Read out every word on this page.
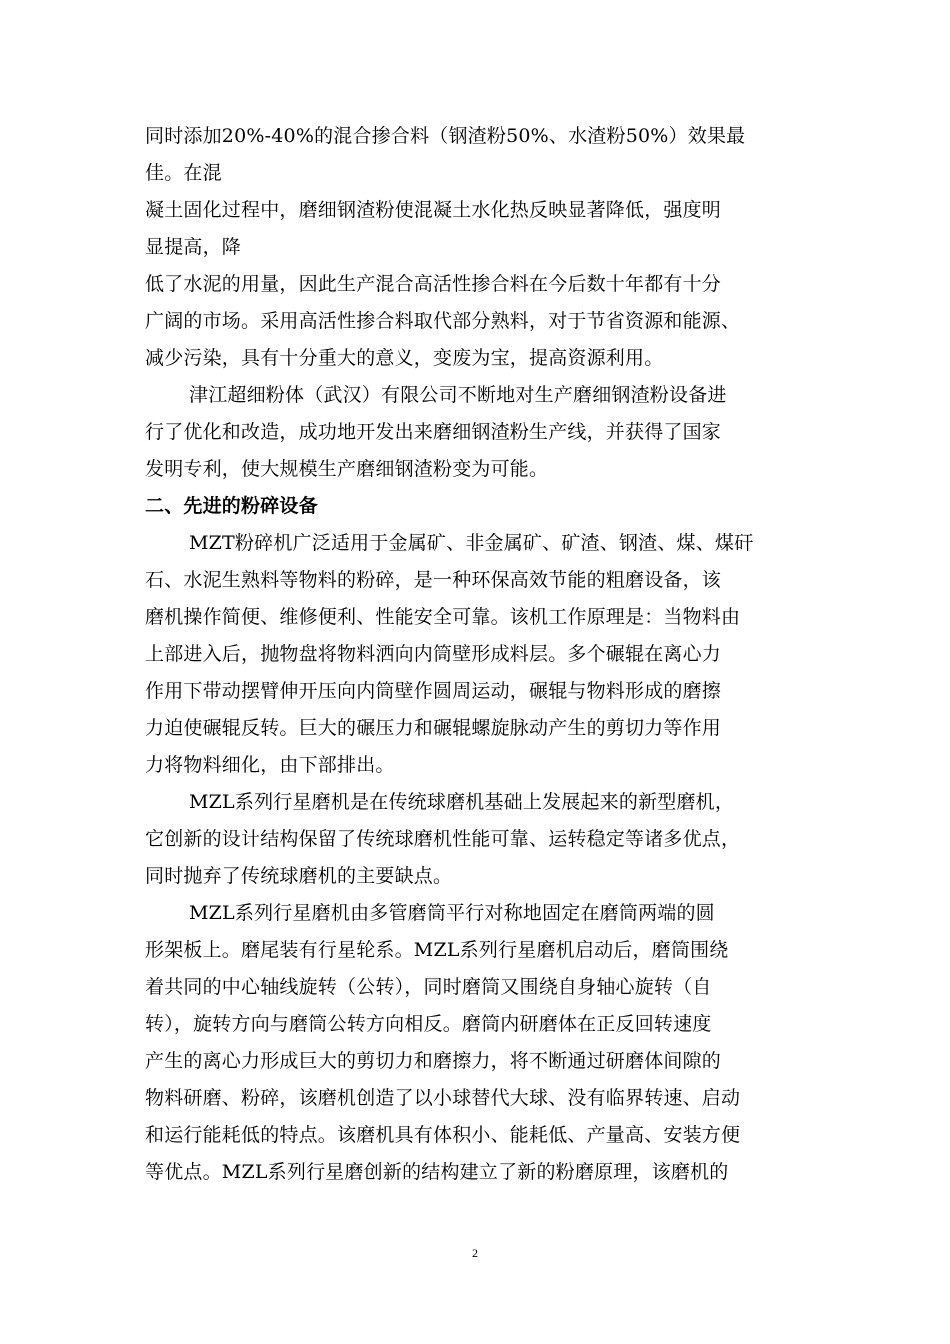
同时添加20%-40%的混合掺合料（钢渣粉50%、水渣粉50%）效果最
佳。在混
凝土固化过程中，磨细钢渣粉使混凝土水化热反映显著降低，强度明
显提高，降
低了水泥的用量，因此生产混合高活性掺合料在今后数十年都有十分
广阔的市场。采用高活性掺合料取代部分熟料，对于节省资源和能源、
减少污染，具有十分重大的意义，变废为宝，提高资源利用。
津江超细粉体（武汉）有限公司不断地对生产磨细钢渣粉设备进
行了优化和改造，成功地开发出来磨细钢渣粉生产线，并获得了国家
发明专利，使大规模生产磨细钢渣粉变为可能。
二、先进的粉碎设备
MZT粉碎机广泛适用于金属矿、非金属矿、矿渣、钢渣、煤、煤矸
石、水泥生熟料等物料的粉碎，是一种环保高效节能的粗磨设备，该
磨机操作简便、维修便利、性能安全可靠。该机工作原理是：当物料由
上部进入后，抛物盘将物料洒向内筒壁形成料层。多个碾辊在离心力
作用下带动摆臂伸开压向内筒壁作圆周运动，碾辊与物料形成的磨擦
力迫使碾辊反转。巨大的碾压力和碾辊螺旋脉动产生的剪切力等作用
力将物料细化，由下部排出。
MZL系列行星磨机是在传统球磨机基础上发展起来的新型磨机，
它创新的设计结构保留了传统球磨机性能可靠、运转稳定等诸多优点，
同时抛弃了传统球磨机的主要缺点。
MZL系列行星磨机由多管磨筒平行对称地固定在磨筒两端的圆
形架板上。磨尾装有行星轮系。MZL系列行星磨机启动后，磨筒围绕
着共同的中心轴线旋转（公转），同时磨筒又围绕自身轴心旋转（自
转），旋转方向与磨筒公转方向相反。磨筒内研磨体在正反回转速度
产生的离心力形成巨大的剪切力和磨擦力，将不断通过研磨体间隙的
物料研磨、粉碎，该磨机创造了以小球替代大球、没有临界转速、启动
和运行能耗低的特点。该磨机具有体积小、能耗低、产量高、安装方便
等优点。MZL系列行星磨创新的结构建立了新的粉磨原理，该磨机的
2
